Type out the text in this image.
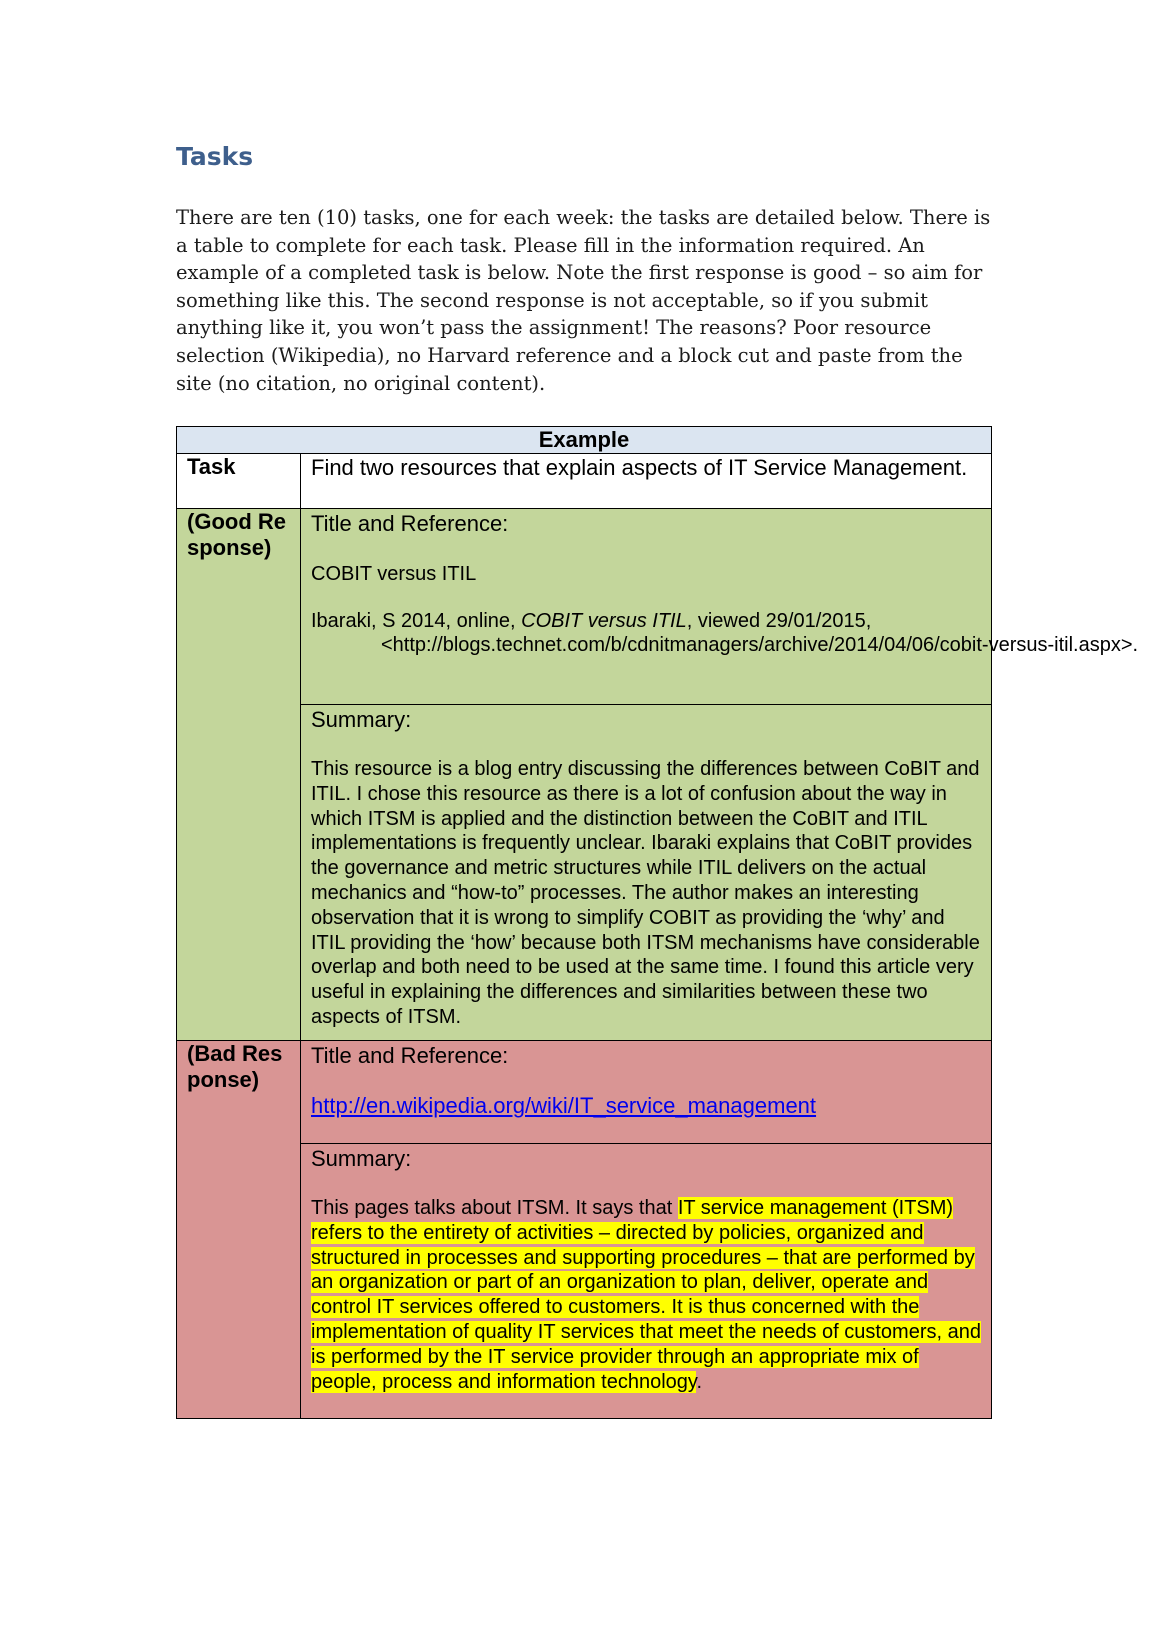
Tasks

There are ten (10) tasks, one for each week: the tasks are detailed below. There is a table to complete for each task. Please fill in the information required. An example of a completed task is below. Note the first response is good – so aim for something like this. The second response is not acceptable, so if you submit anything like it, you won’t pass the assignment! The reasons? Poor resource selection (Wikipedia), no Harvard reference and a block cut and paste from the site (no citation, no original content).

Example	
Task	Find two resources that explain aspects of IT Service Management.
(Good Response)	Title and Reference:

COBIT versus ITIL

Ibaraki, S 2014, online, COBIT versus ITIL, viewed 29/01/2015, <http://blogs.technet.com/b/cdnitmanagers/archive/2014/04/06/cobit-versus-itil.aspx>.

	Summary:

This resource is a blog entry discussing the differences between CoBIT and ITIL. I chose this resource as there is a lot of confusion about the way in which ITSM is applied and the distinction between the CoBIT and ITIL implementations is frequently unclear. Ibaraki explains that CoBIT provides the governance and metric structures while ITIL delivers on the actual mechanics and “how-to” processes. The author makes an interesting observation that it is wrong to simplify COBIT as providing the ‘why’ and ITIL providing the ‘how’ because both ITSM mechanisms have considerable overlap and both need to be used at the same time. I found this article very useful in explaining the differences and similarities between these two aspects of ITSM.

(Bad Response)	Title and Reference:

http://en.wikipedia.org/wiki/IT_service_management

	Summary:

This pages talks about ITSM. It says that IT service management (ITSM) refers to the entirety of activities – directed by policies, organized and structured in processes and supporting procedures – that are performed by an organization or part of an organization to plan, deliver, operate and control IT services offered to customers. It is thus concerned with the implementation of quality IT services that meet the needs of customers, and is performed by the IT service provider through an appropriate mix of people, process and information technology.
